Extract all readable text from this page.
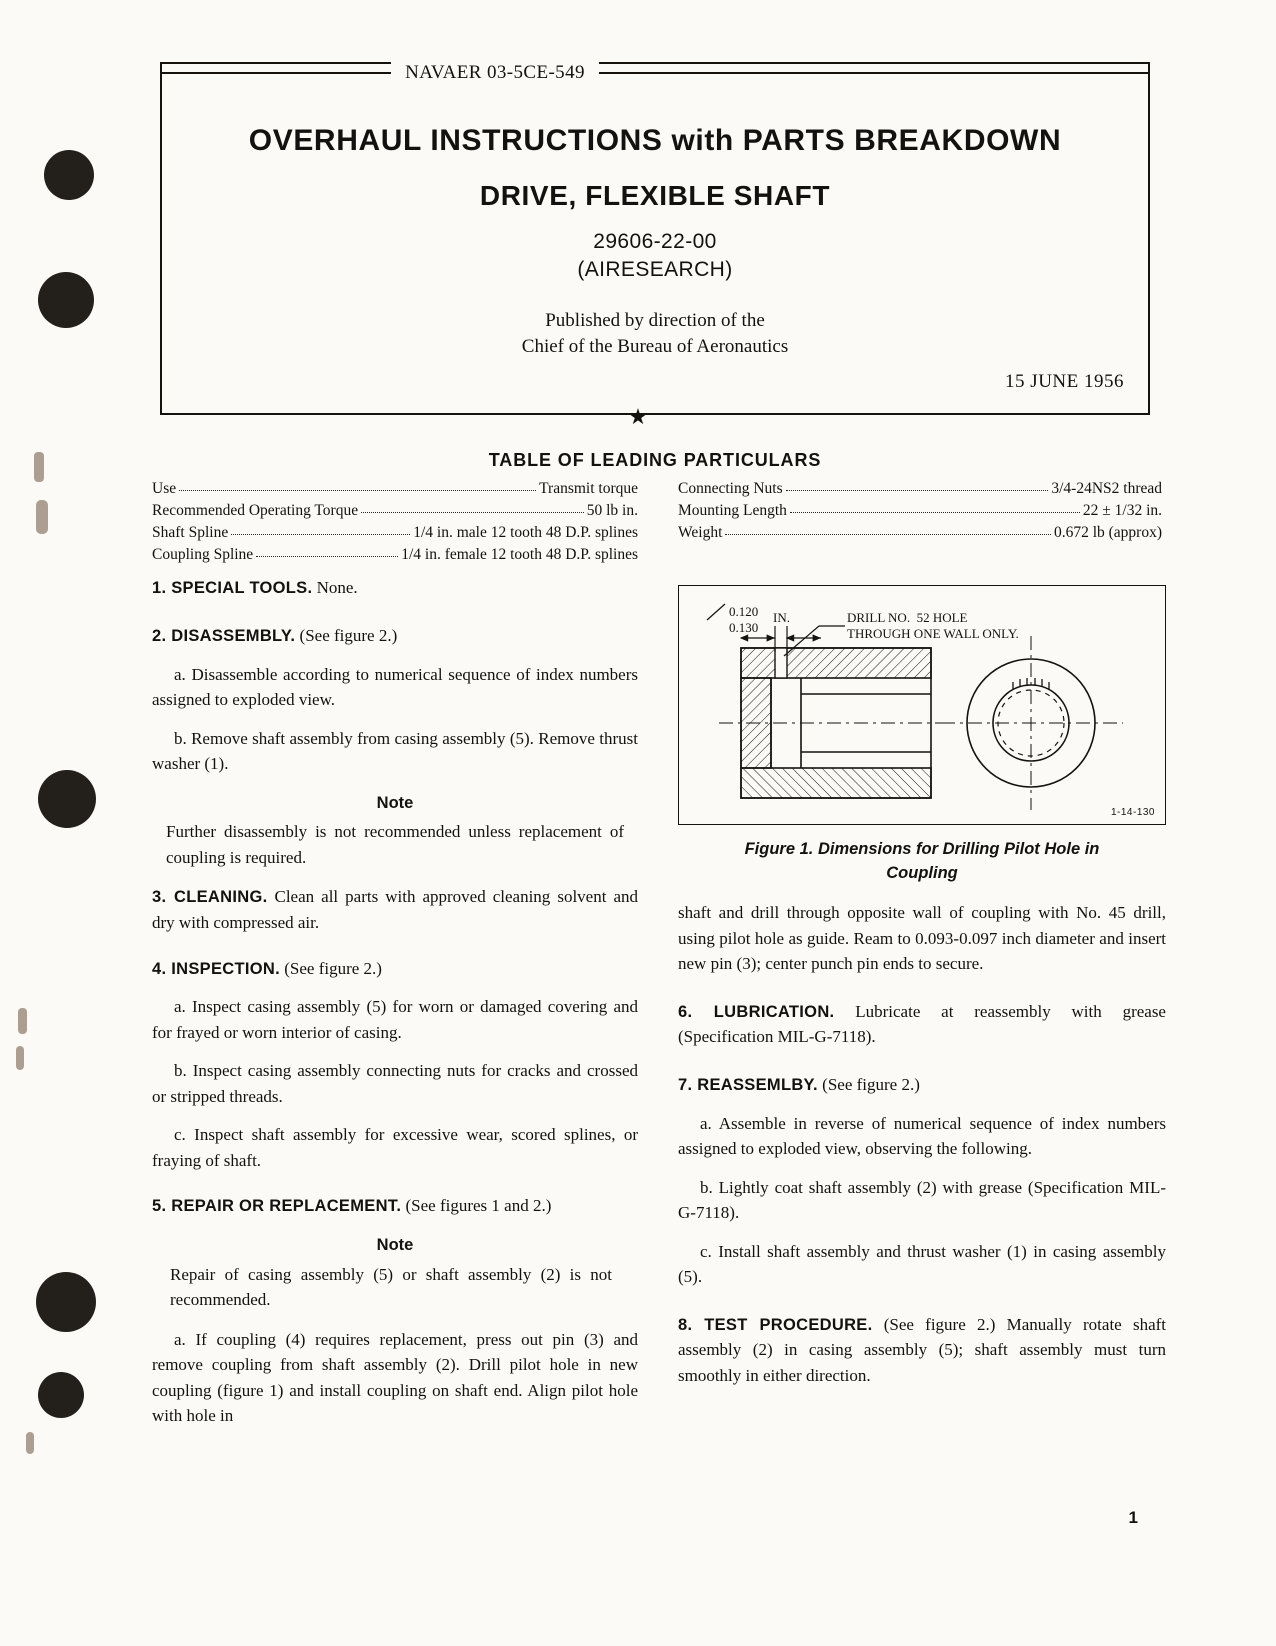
NAVAER 03-5CE-549
OVERHAUL INSTRUCTIONS with PARTS BREAKDOWN
DRIVE, FLEXIBLE SHAFT
29606-22-00
(AIRESEARCH)
Published by direction of the
Chief of the Bureau of Aeronautics
15 JUNE 1956
★
TABLE OF LEADING PARTICULARS
Use	Transmit torque
Recommended Operating Torque	50 lb in.
Shaft Spline	1/4 in. male 12 tooth 48 D.P. splines
Coupling Spline	1/4 in. female 12 tooth 48 D.P. splines
Connecting Nuts	3/4-24NS2 thread
Mounting Length	22 ± 1/32 in.
Weight	0.672 lb (approx)

1. SPECIAL TOOLS. None.

2. DISASSEMBLY. (See figure 2.)

a. Disassemble according to numerical sequence of index numbers assigned to exploded view.

b. Remove shaft assembly from casing assembly (5). Remove thrust washer (1).

Note

Further disassembly is not recommended unless replacement of coupling is required.

3. CLEANING. Clean all parts with approved cleaning solvent and dry with compressed air.

4. INSPECTION. (See figure 2.)

a. Inspect casing assembly (5) for worn or damaged covering and for frayed or worn interior of casing.

b. Inspect casing assembly connecting nuts for cracks and crossed or stripped threads.

c. Inspect shaft assembly for excessive wear, scored splines, or fraying of shaft.

5. REPAIR OR REPLACEMENT. (See figures 1 and 2.)

Note

Repair of casing assembly (5) or shaft assembly (2) is not recommended.

a. If coupling (4) requires replacement, press out pin (3) and remove coupling from shaft assembly (2). Drill pilot hole in new coupling (figure 1) and install coupling on shaft end. Align pilot hole with hole in

0.120
0.130
IN.	DRILL NO.  52 HOLE
THROUGH ONE WALL ONLY.
1-14-130
Figure 1. Dimensions for Drilling Pilot Hole in
Coupling

shaft and drill through opposite wall of coupling with No. 45 drill, using pilot hole as guide. Ream to 0.093-0.097 inch diameter and insert new pin (3); center punch pin ends to secure.

6. LUBRICATION. Lubricate at reassembly with grease (Specification MIL-G-7118).

7. REASSEMLBY. (See figure 2.)

a. Assemble in reverse of numerical sequence of index numbers assigned to exploded view, observing the following.

b. Lightly coat shaft assembly (2) with grease (Specification MIL-G-7118).

c. Install shaft assembly and thrust washer (1) in casing assembly (5).

8. TEST PROCEDURE. (See figure 2.) Manually rotate shaft assembly (2) in casing assembly (5); shaft assembly must turn smoothly in either direction.

1
